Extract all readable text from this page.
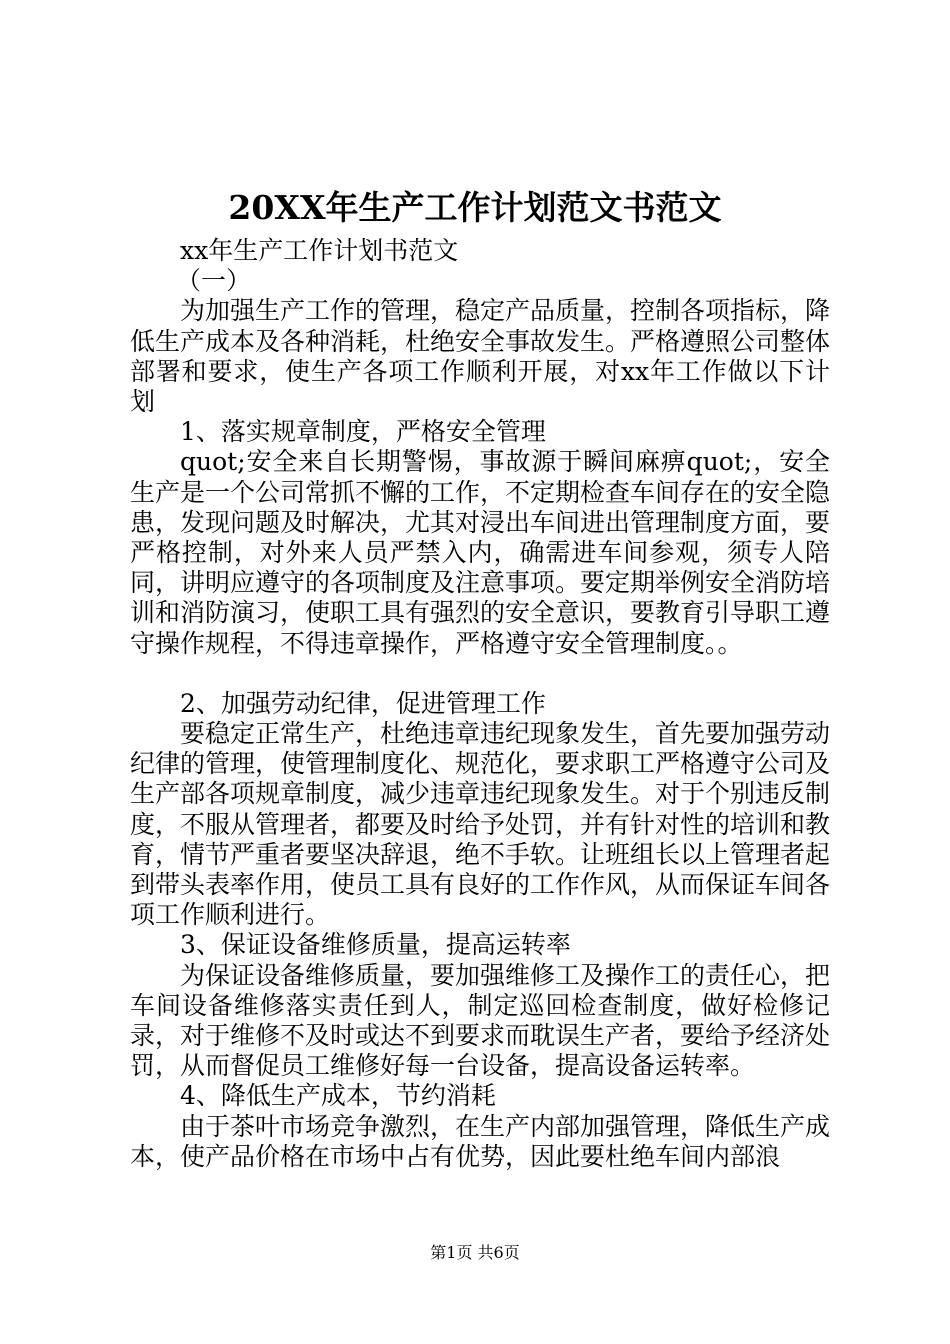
20XX年生产工作计划范文书范文
xx年生产工作计划书范文
（一）

为加强生产工作的管理，稳定产品质量，控制各项指标，降低生产成本及各种消耗，杜绝安全事故发生。严格遵照公司整体部署和要求，使生产各项工作顺利开展，对xx年工作做以下计划

1、落实规章制度，严格安全管理

quot;安全来自长期警惕，事故源于瞬间麻痹quot;，安全生产是一个公司常抓不懈的工作，不定期检查车间存在的安全隐患，发现问题及时解决，尤其对浸出车间进出管理制度方面，要严格控制，对外来人员严禁入内，确需进车间参观，须专人陪同，讲明应遵守的各项制度及注意事项。要定期举例安全消防培训和消防演习，使职工具有强烈的安全意识，要教育引导职工遵守操作规程，不得违章操作，严格遵守安全管理制度。。

2、加强劳动纪律，促进管理工作

要稳定正常生产，杜绝违章违纪现象发生，首先要加强劳动纪律的管理，使管理制度化、规范化，要求职工严格遵守公司及生产部各项规章制度，减少违章违纪现象发生。对于个别违反制度，不服从管理者，都要及时给予处罚，并有针对性的培训和教育，情节严重者要坚决辞退，绝不手软。让班组长以上管理者起到带头表率作用，使员工具有良好的工作作风，从而保证车间各项工作顺利进行。

3、保证设备维修质量，提高运转率

为保证设备维修质量，要加强维修工及操作工的责任心，把车间设备维修落实责任到人，制定巡回检查制度，做好检修记录，对于维修不及时或达不到要求而耽误生产者，要给予经济处罚，从而督促员工维修好每一台设备，提高设备运转率。

4、降低生产成本，节约消耗

由于茶叶市场竞争激烈，在生产内部加强管理，降低生产成本，使产品价格在市场中占有优势，因此要杜绝车间内部浪

第1页 共6页
